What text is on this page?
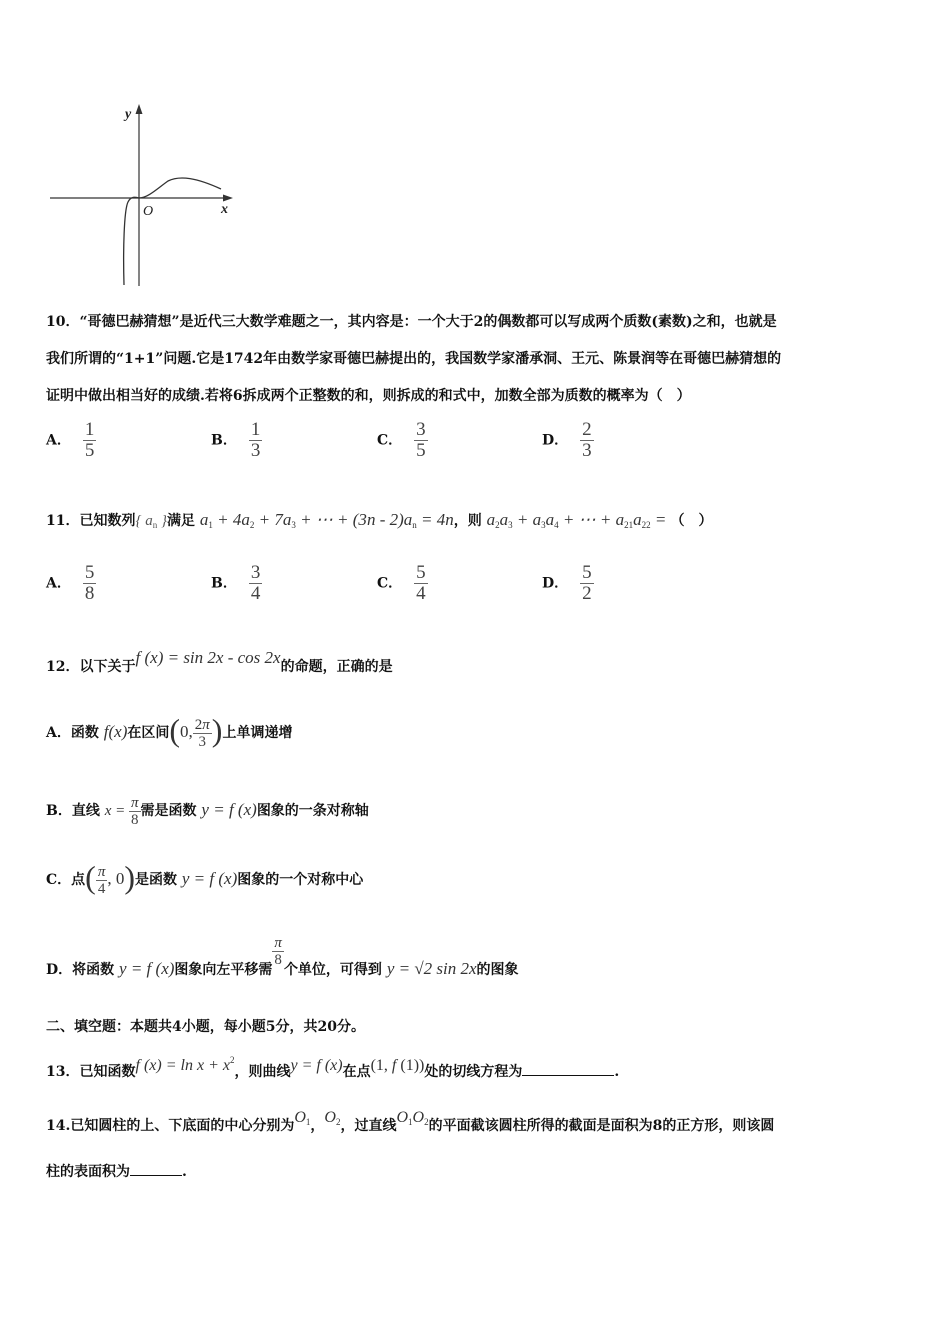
y
x
O
10．“哥德巴赫猜想”是近代三大数学难题之一，其内容是：一个大于2的偶数都可以写成两个质数(素数)之和，也就是
我们所谓的“1+1”问题.它是1742年由数学家哥德巴赫提出的，我国数学家潘承洞、王元、陈景润等在哥德巴赫猜想的
证明中做出相当好的成绩.若将6拆成两个正整数的和，则拆成的和式中，加数全部为质数的概率为（　）
A． $\frac{1}{5}$	B． $\frac{1}{3}$	C． $\frac{3}{5}$	D． $\frac{2}{3}$
11．已知数列{ $a_n$ }满足 $a_1 + 4a_2 + 7a_3$ + ⋯ + $(3n - 2)a_n = 4n$，则 $a_2a_3 + a_3a_4$ + ⋯ + $a_{21}a_{22}$ = （　）
A． $\frac{5}{8}$	B． $\frac{3}{4}$	C． $\frac{5}{4}$	D． $\frac{5}{2}$
12．以下关于f (x) = sin 2x - cos 2x的命题，正确的是
A．函数 f(x)在区间(0, $\frac{2\pi}{3}$ )上单调递增
B．直线 $x = \frac{\pi}{8}$ 需是函数 y = f (x)图象的一条对称轴
C．点( $\frac{\pi}{4}$ , 0)是函数 y = f (x)图象的一个对称中心
D．将函数 y = f (x)图象向左平移需
$\frac{\pi}{8}$
个单位，可得到 y = √2 sin 2x的图象
二、填空题：本题共4小题，每小题5分，共20分。
13．已知函数f $(x) = \ln x + x^2$，则曲线y = f (x)在点(1, f (1))处的切线方程为	.
14.已知圆柱的上、下底面的中心分别为$O_1$，$O_2$，过直线$O_1O_2$的平面截该圆柱所得的截面是面积为8的正方形，则该圆
柱的表面积为	.
